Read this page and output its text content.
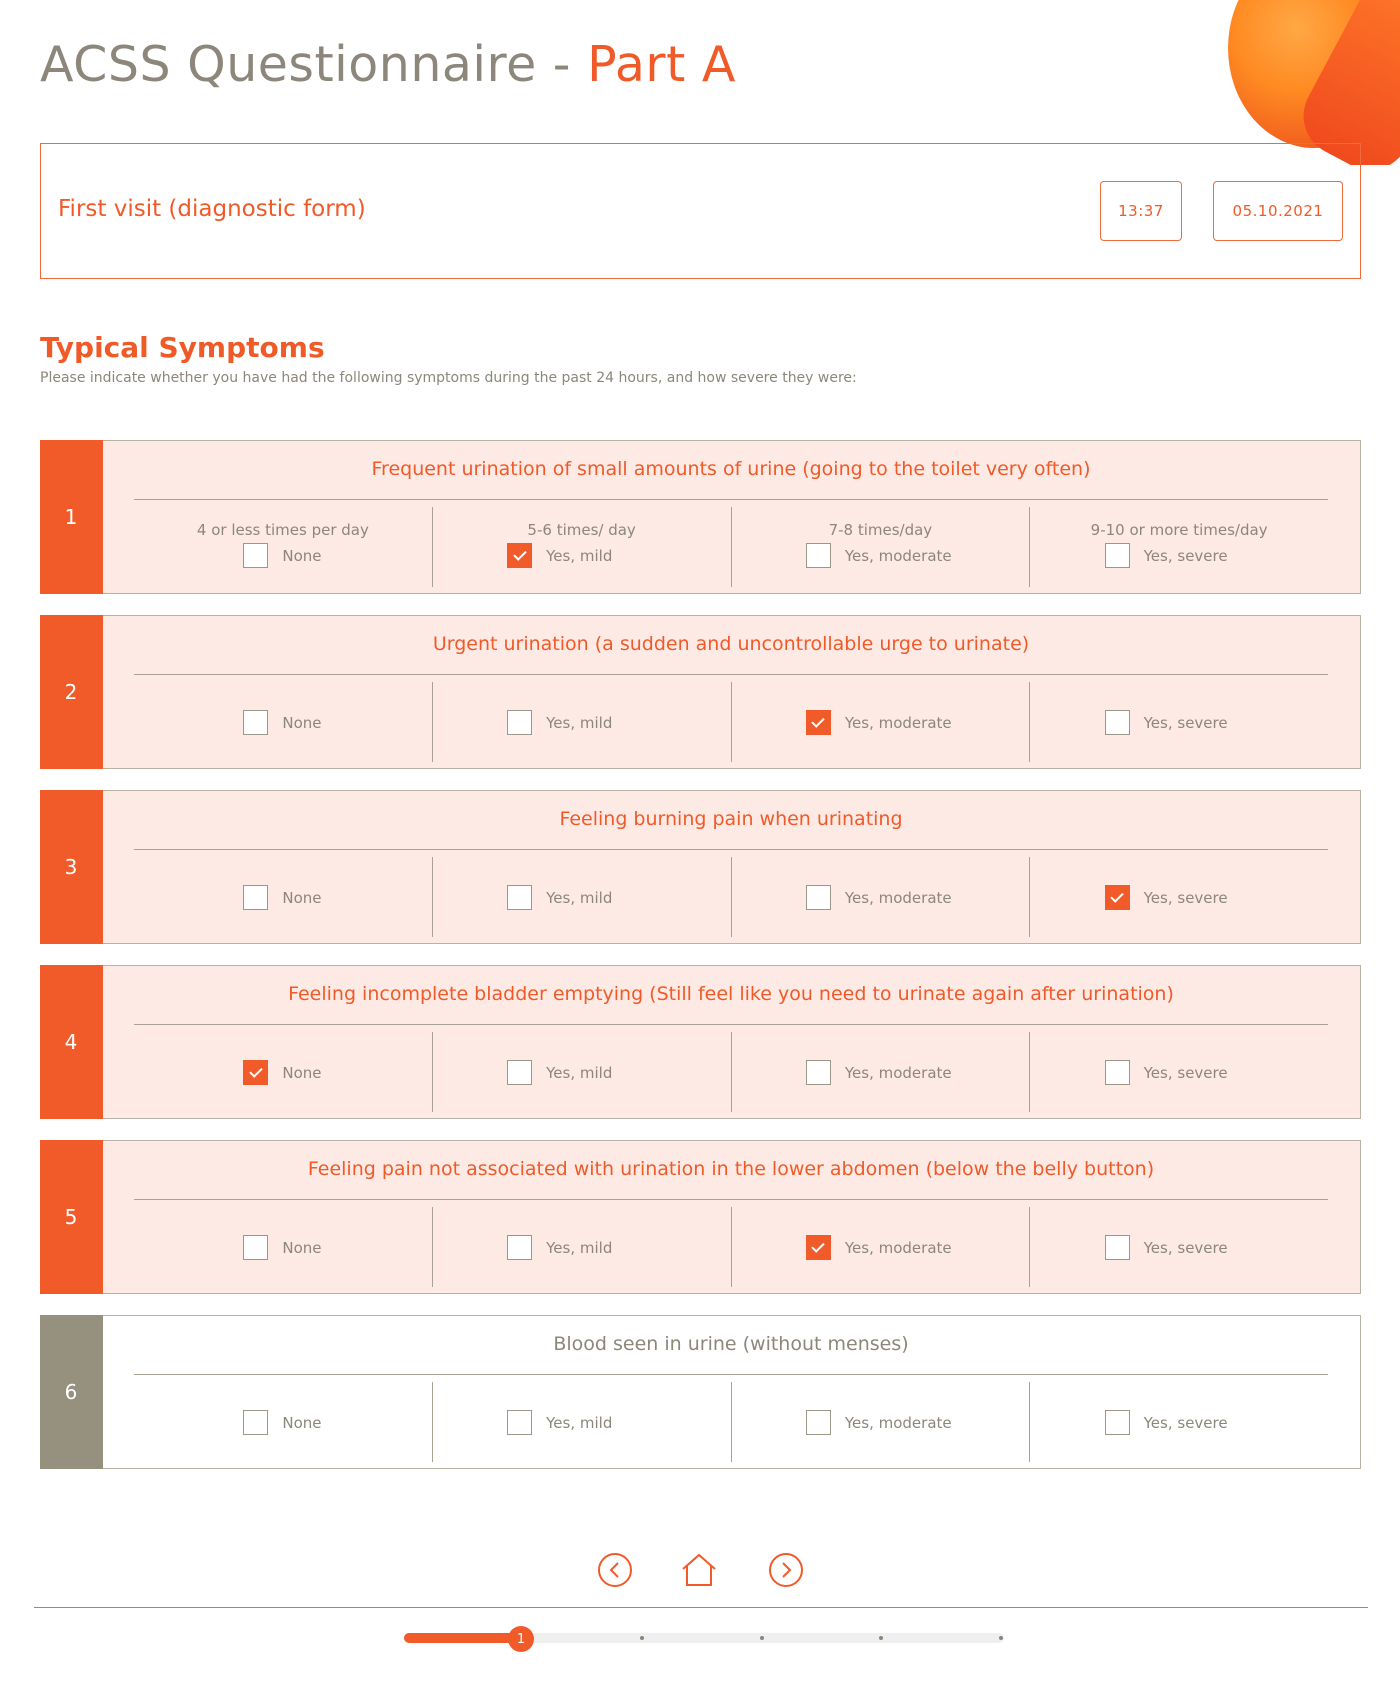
ACSS Questionnaire - Part A
First visit (diagnostic form)	13:37	05.10.2021
Typical Symptoms

Please indicate whether you have had the following symptoms during the past 24 hours, and how severe they were:

1
Frequent urination of small amounts of urine (going to the toilet very often)
4 or less times per day
None
5-6 times/ day
Yes, mild
7-8 times/day
Yes, moderate
9-10 or more times/day
Yes, severe
2
Urgent urination (a sudden and uncontrollable urge to urinate)
None	Yes, mild	Yes, moderate	Yes, severe
3
Feeling burning pain when urinating
None	Yes, mild	Yes, moderate	Yes, severe
4
Feeling incomplete bladder emptying (Still feel like you need to urinate again after urination)
None	Yes, mild	Yes, moderate	Yes, severe
5
Feeling pain not associated with urination in the lower abdomen (below the belly button)
None	Yes, mild	Yes, moderate	Yes, severe
6
Blood seen in urine (without menses)
None	Yes, mild	Yes, moderate	Yes, severe
1
